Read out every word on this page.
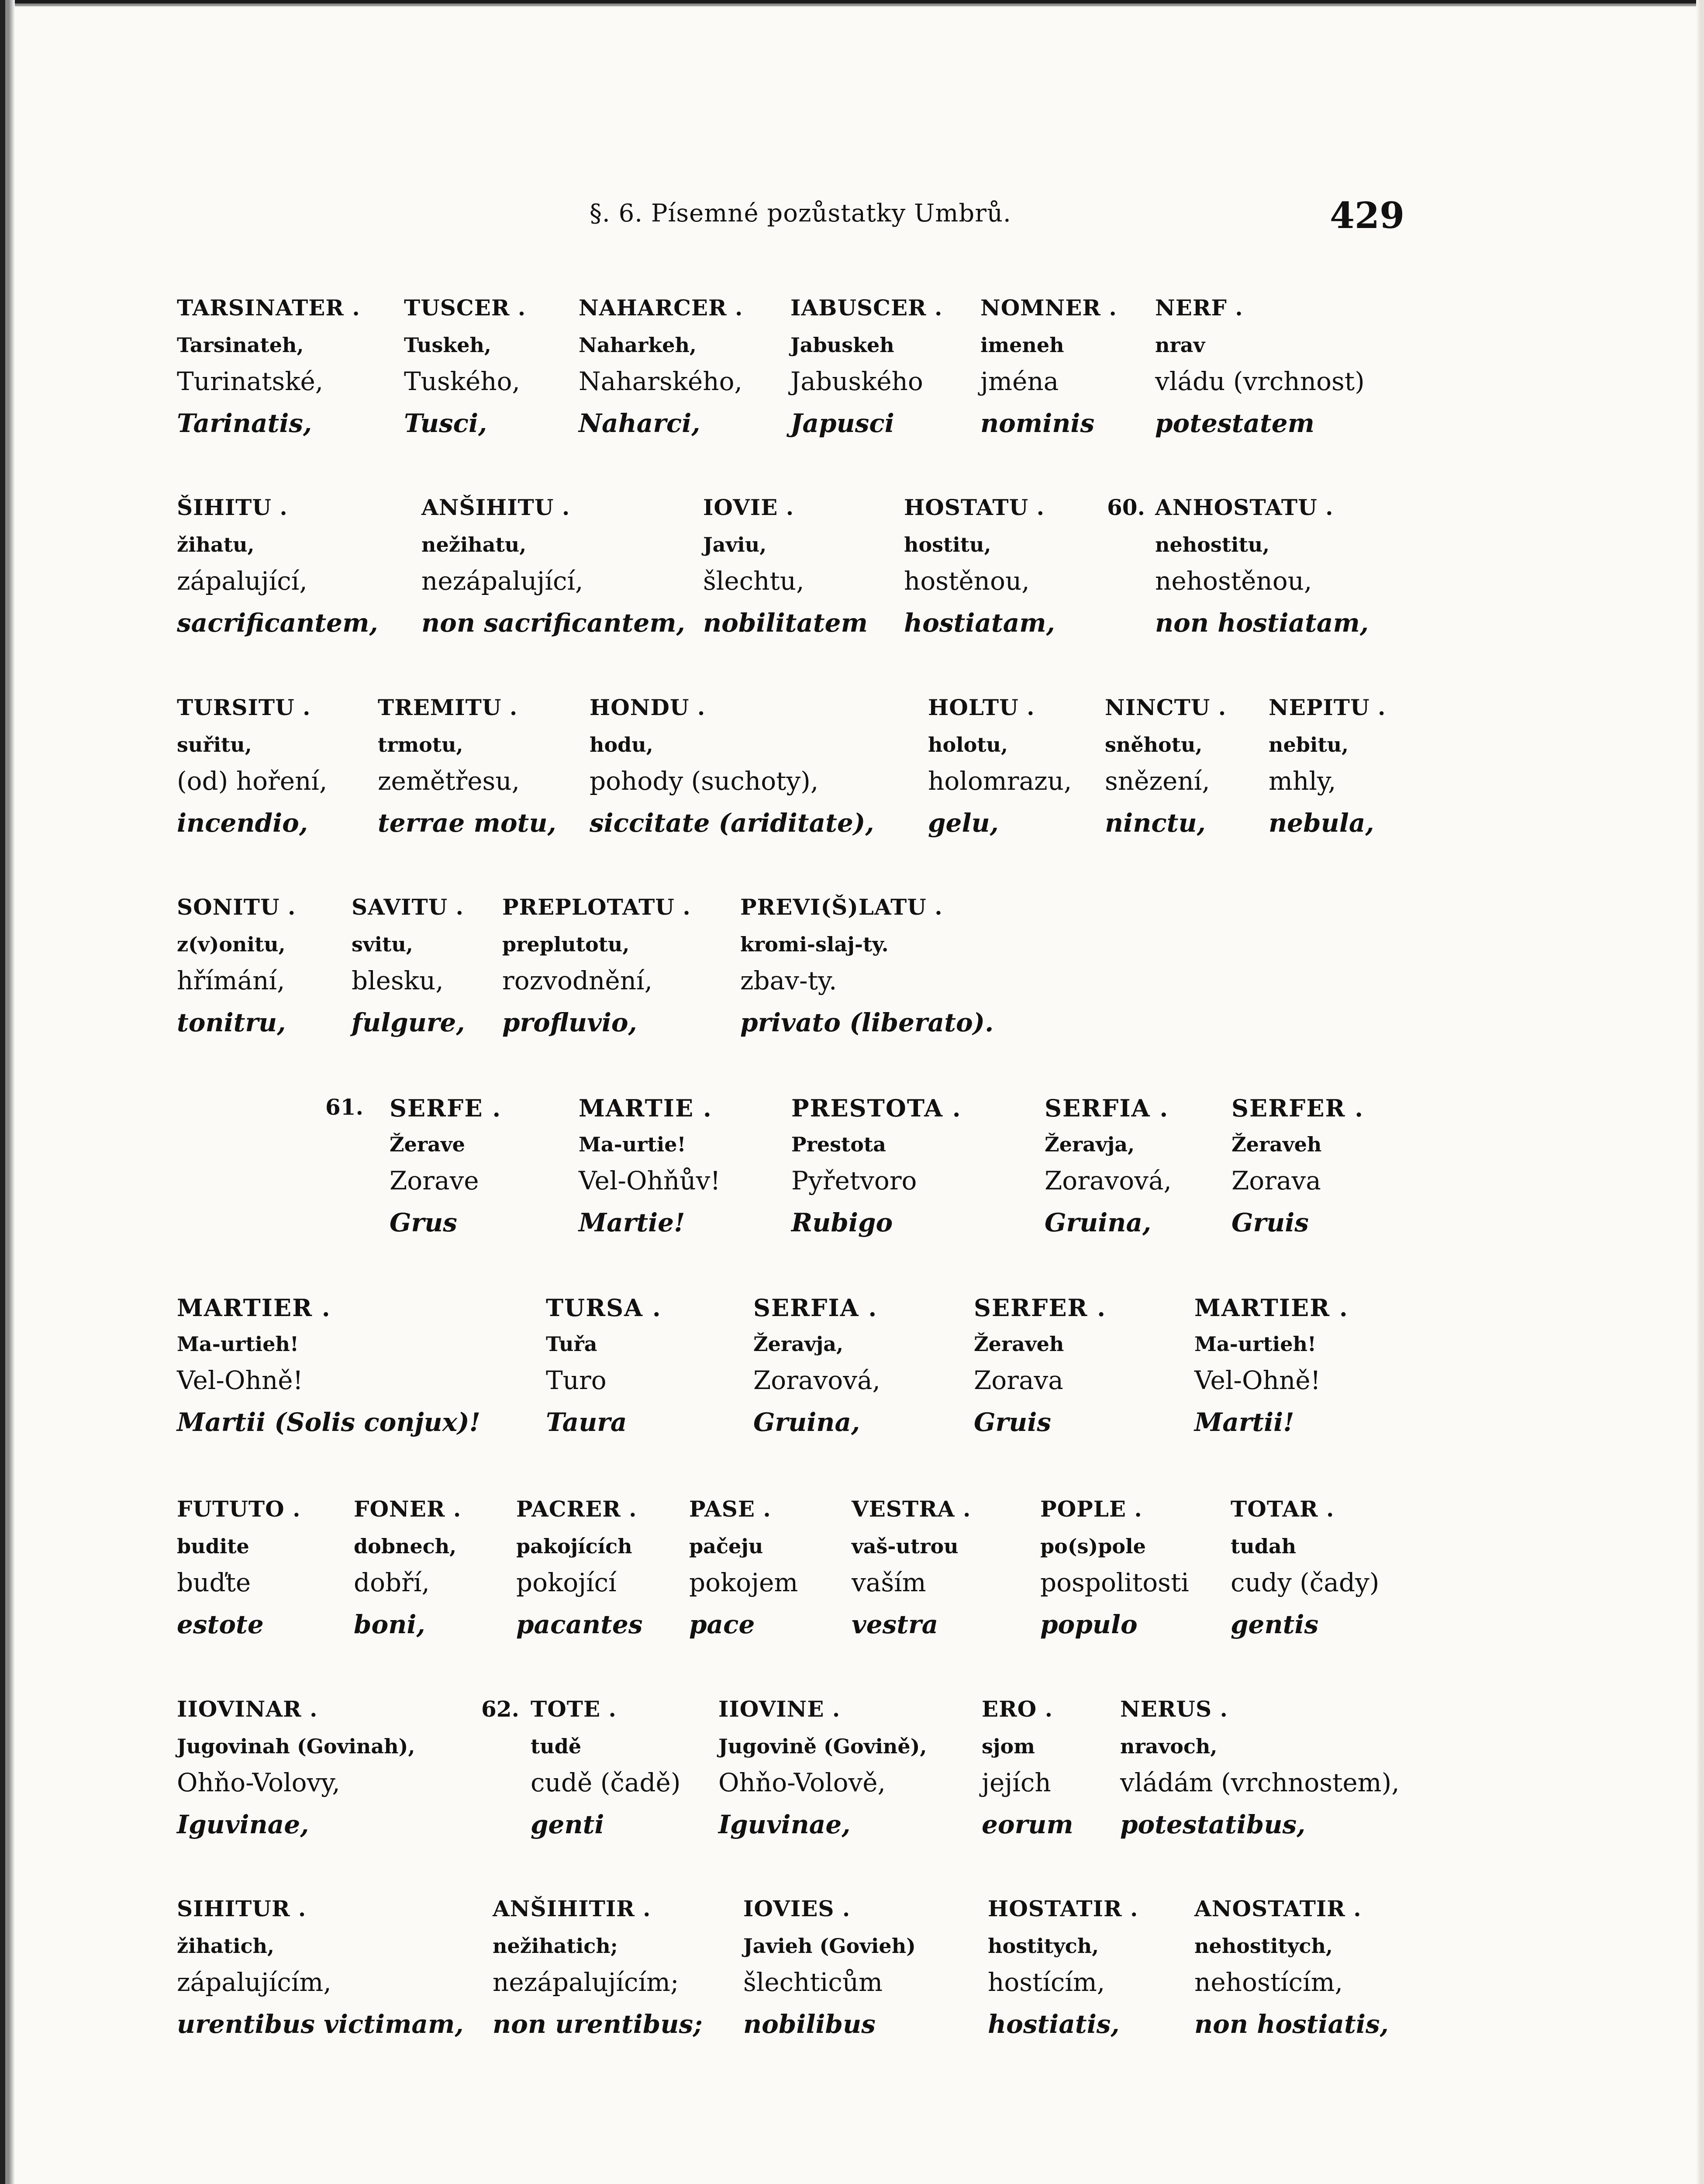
§. 6. Písemné pozůstatky Umbrů.	429
TARSINATER .
Tarsinateh,
Turinatské,
Tarinatis,
TUSCER .
Tuskeh,
Tuského,
Tusci,
NAHARCER .
Naharkeh,
Naharského,
Naharci,
IABUSCER .
Jabuskeh
Jabuského
Japusci
NOMNER .
imeneh
jména
nominis
NERF .
nrav
vládu (vrchnost)
potestatem
60.
ŠIHITU .
žihatu,
zápalující,
sacrificantem,
ANŠIHITU .
nežihatu,
nezápalující,
non sacrificantem,
IOVIE .
Javiu,
šlechtu,
nobilitatem
HOSTATU .
hostitu,
hostěnou,
hostiatam,
ANHOSTATU .
nehostitu,
nehostěnou,
non hostiatam,
TURSITU .
suřitu,
(od) hoření,
incendio,
TREMITU .
trmotu,
zemětřesu,
terrae motu,
HONDU .
hodu,
pohody (suchoty),
siccitate (ariditate),
HOLTU .
holotu,
holomrazu,
gelu,
NINCTU .
sněhotu,
snězení,
ninctu,
NEPITU .
nebitu,
mhly,
nebula,
SONITU .
z(v)onitu,
hřímání,
tonitru,
SAVITU .
svitu,
blesku,
fulgure,
PREPLOTATU .
preplutotu,
rozvodnění,
profluvio,
PREVI(Š)LATU .
kromi-slaj-ty.
zbav-ty.
privato (liberato).
61. SERFE .
Žerave
Zorave
Grus
MARTIE .
Ma-urtie!
Vel-Ohňův!
Martie!
PRESTOTA .
Prestota
Pyřetvoro
Rubigo
SERFIA .
Žeravja,
Zoravová,
Gruina,
SERFER .
Žeraveh
Zorava
Gruis
MARTIER .
Ma-urtieh!
Vel-Ohně!
Martii (Solis conjux)!
TURSA .
Tuřa
Turo
Taura
SERFIA .
Žeravja,
Zoravová,
Gruina,
SERFER .
Žeraveh
Zorava
Gruis
MARTIER .
Ma-urtieh!
Vel-Ohně!
Martii!
FUTUTO .
budite
buďte
estote
FONER .
dobnech,
dobří,
boni,
PACRER .
pakojících
pokojící
pacantes
PASE .
pačeju
pokojem
pace
VESTRA .
vaš-utrou
vaším
vestra
POPLE .
po(s)pole
pospolitosti
populo
TOTAR .
tudah
cudy (čady)
gentis
62.
IIOVINAR .
Jugovinah (Govinah),
Ohňo-Volovy,
Iguvinae,
TOTE .
tudě
cudě (čadě)
genti
IIOVINE .
Jugovině (Govině),
Ohňo-Volově,
Iguvinae,
ERO .
sjom
jejích
eorum
NERUS .
nravoch,
vládám (vrchnostem),
potestatibus,
SIHITUR .
žihatich,
zápalujícím,
urentibus victimam,
ANŠIHITIR .
nežihatich;
nezápalujícím;
non urentibus;
IOVIES .
Javieh (Govieh)
šlechticům
nobilibus
HOSTATIR .
hostitych,
hostícím,
hostiatis,
ANOSTATIR .
nehostitych,
nehostícím,
non hostiatis,
